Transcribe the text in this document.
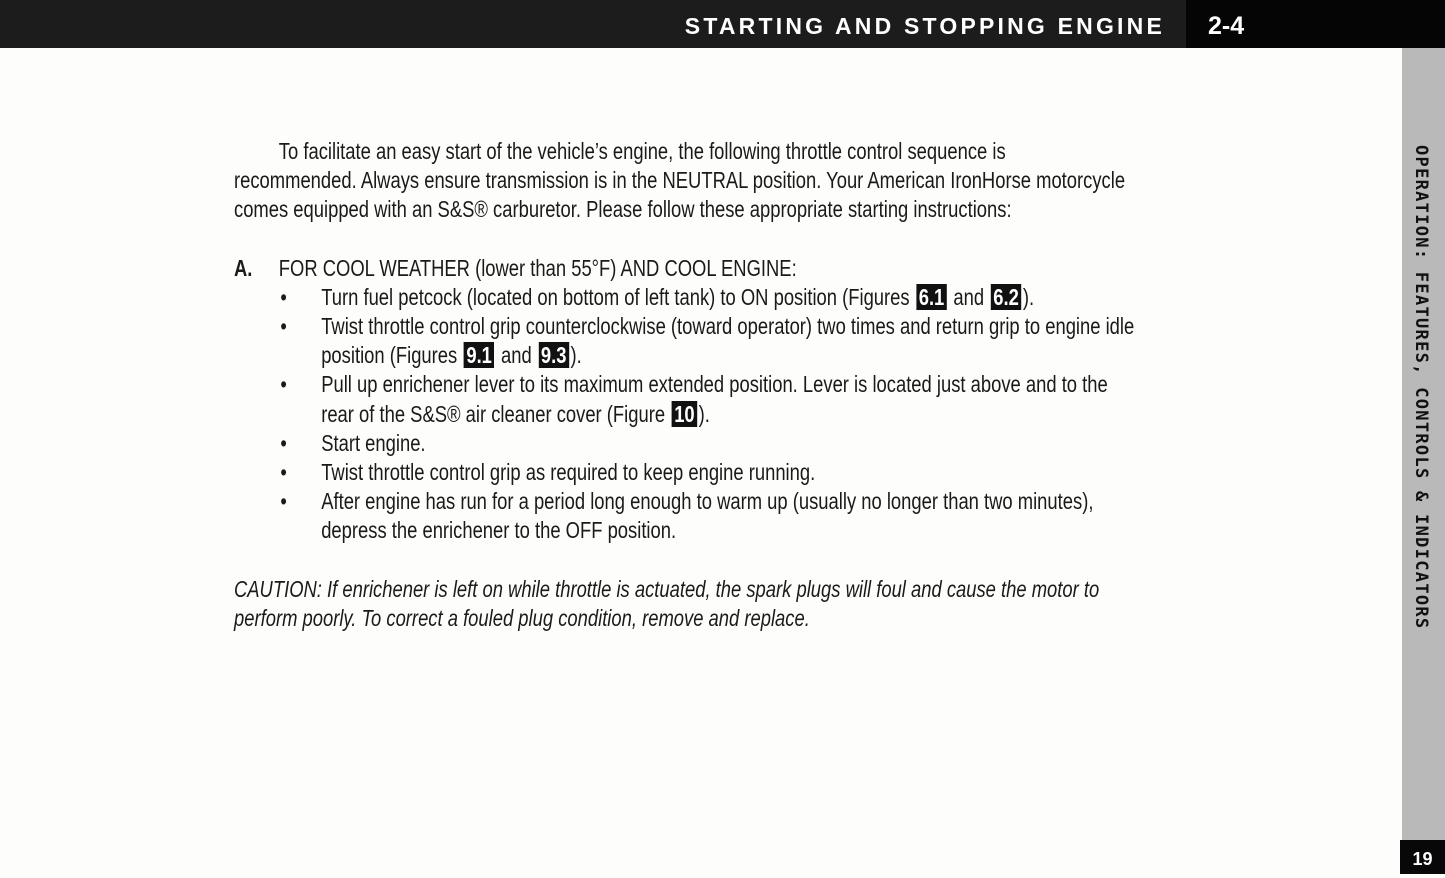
STARTING AND STOPPING ENGINE 2-4
OPERATION: FEATURES, CONTROLS & INDICATORS
19
To facilitate an easy start of the vehicle’s engine, the following throttle control sequence is
recommended. Always ensure transmission is in the NEUTRAL position. Your American IronHorse motorcycle
comes equipped with an S&S® carburetor. Please follow these appropriate starting instructions:
A. FOR COOL WEATHER (lower than 55°F) AND COOL ENGINE:
• Turn fuel petcock (located on bottom of left tank) to ON position (Figures 6.1 and 6.2 ).
• Twist throttle control grip counterclockwise (toward operator) two times and return grip to engine idle
position (Figures 9.1 and 9.3 ).
• Pull up enrichener lever to its maximum extended position. Lever is located just above and to the
rear of the S&S® air cleaner cover (Figure 10 ).
• Start engine.
• Twist throttle control grip as required to keep engine running.
• After engine has run for a period long enough to warm up (usually no longer than two minutes),
depress the enrichener to the OFF position.
CAUTION: If enrichener is left on while throttle is actuated, the spark plugs will foul and cause the motor to
perform poorly. To correct a fouled plug condition, remove and replace.
